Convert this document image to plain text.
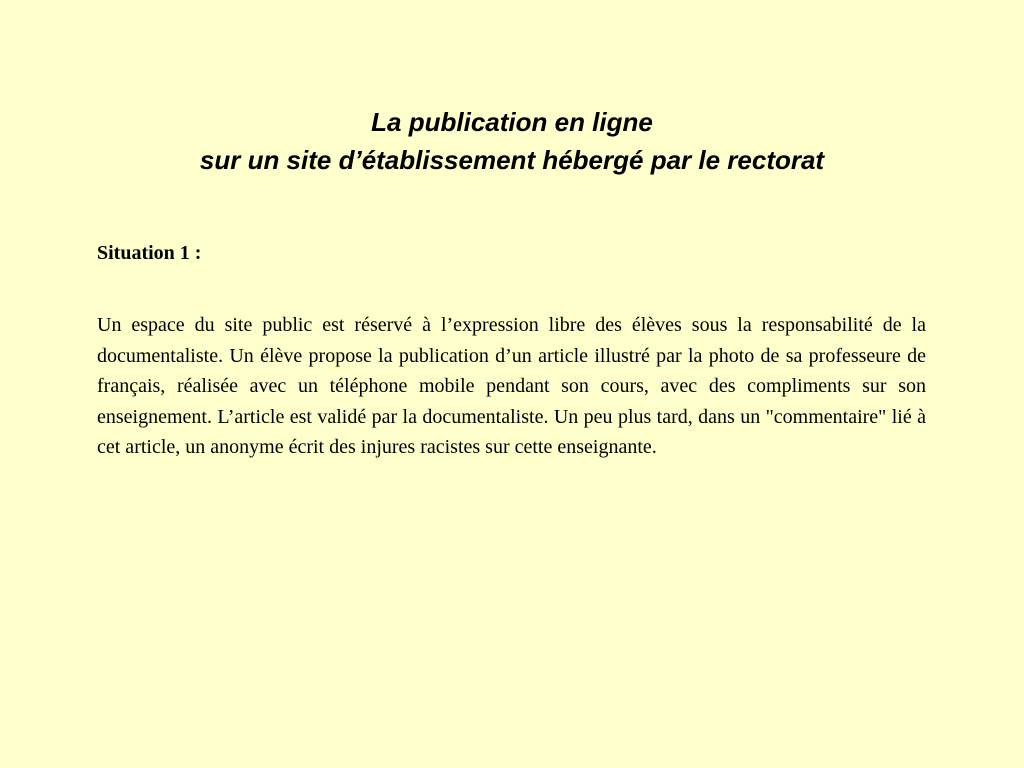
La publication en ligne
sur un site d’établissement hébergé par le rectorat

Situation 1 :

Un espace du site public est réservé à l’expression libre des élèves sous la responsabilité de la documentaliste. Un élève propose la publication d’un article illustré par la photo de sa professeure de français, réalisée avec un téléphone mobile pendant son cours, avec des compliments sur son enseignement. L’article est validé par la documentaliste. Un peu plus tard, dans un "commentaire" lié à cet article, un anonyme écrit des injures racistes sur cette enseignante.
